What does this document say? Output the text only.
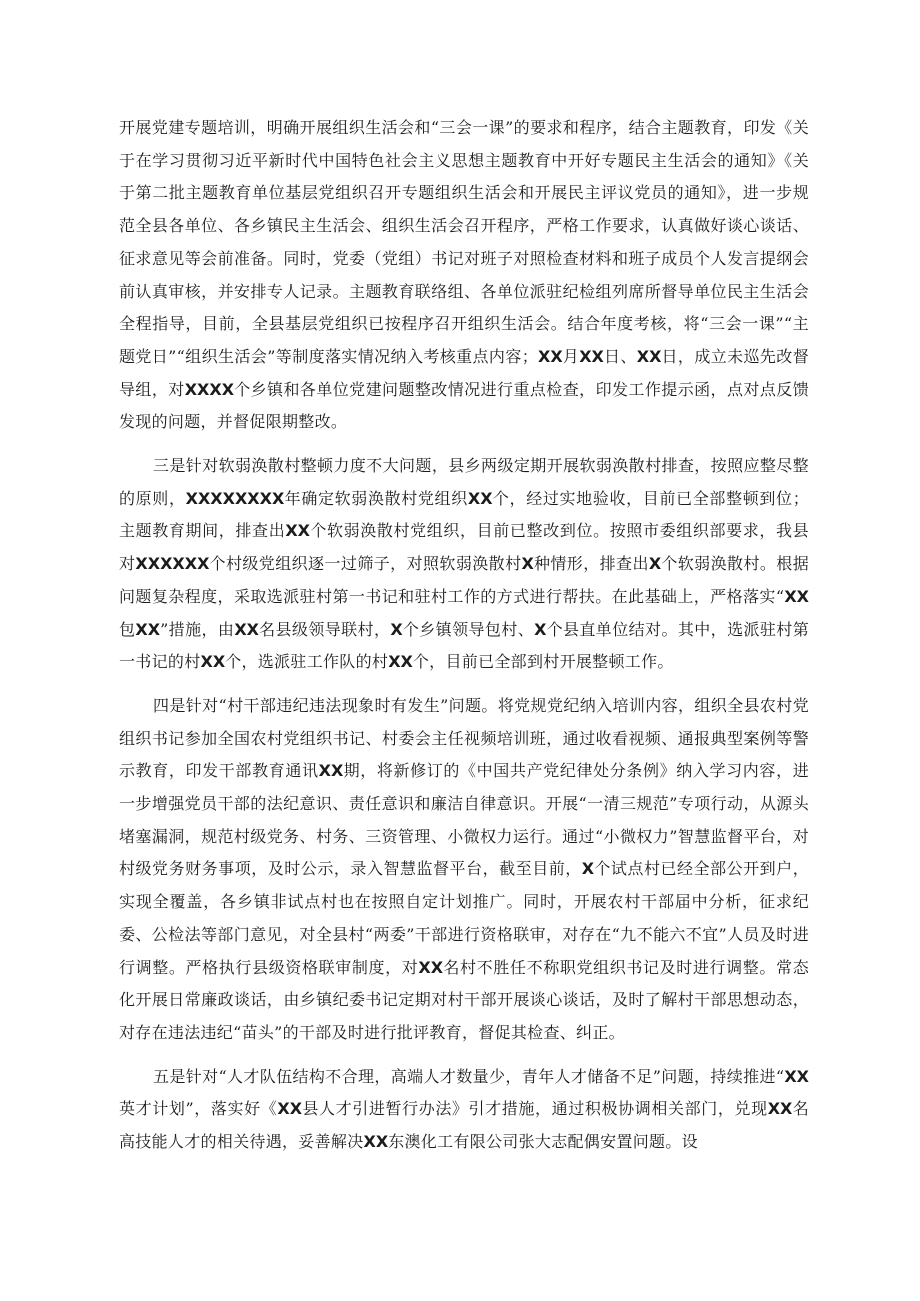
开展党建专题培训，明确开展组织生活会和“三会一课”的要求和程序，结合主题教育，印发《关于在学习贯彻习近平新时代中国特色社会主义思想主题教育中开好专题民主生活会的通知》《关于第二批主题教育单位基层党组织召开专题组织生活会和开展民主评议党员的通知》，进一步规范全县各单位、各乡镇民主生活会、组织生活会召开程序，严格工作要求，认真做好谈心谈话、征求意见等会前准备。同时，党委（党组）书记对班子对照检查材料和班子成员个人发言提纲会前认真审核，并安排专人记录。主题教育联络组、各单位派驻纪检组列席所督导单位民主生活会全程指导，目前，全县基层党组织已按程序召开组织生活会。结合年度考核，将“三会一课”“主题党日”“组织生活会”等制度落实情况纳入考核重点内容；XX月XX日、XX日，成立未巡先改督导组，对XXXX个乡镇和各单位党建问题整改情况进行重点检查，印发工作提示函，点对点反馈发现的问题，并督促限期整改。

三是针对软弱涣散村整顿力度不大问题，县乡两级定期开展软弱涣散村排查，按照应整尽整的原则，XXXXXXXX年确定软弱涣散村党组织XX个，经过实地验收，目前已全部整顿到位；主题教育期间，排查出XX个软弱涣散村党组织，目前已整改到位。按照市委组织部要求，我县对XXXXXX个村级党组织逐一过筛子，对照软弱涣散村X种情形，排查出X个软弱涣散村。根据问题复杂程度，采取选派驻村第一书记和驻村工作的方式进行帮扶。在此基础上，严格落实“XX包XX”措施，由XX名县级领导联村，X个乡镇领导包村、X个县直单位结对。其中，选派驻村第一书记的村XX个，选派驻工作队的村XX个，目前已全部到村开展整顿工作。

四是针对“村干部违纪违法现象时有发生”问题。将党规党纪纳入培训内容，组织全县农村党组织书记参加全国农村党组织书记、村委会主任视频培训班，通过收看视频、通报典型案例等警示教育，印发干部教育通讯XX期，将新修订的《中国共产党纪律处分条例》纳入学习内容，进一步增强党员干部的法纪意识、责任意识和廉洁自律意识。开展“一清三规范”专项行动，从源头堵塞漏洞，规范村级党务、村务、三资管理、小微权力运行。通过“小微权力”智慧监督平台，对村级党务财务事项，及时公示，录入智慧监督平台，截至目前，X个试点村已经全部公开到户，实现全覆盖，各乡镇非试点村也在按照自定计划推广。同时，开展农村干部届中分析，征求纪委、公检法等部门意见，对全县村“两委”干部进行资格联审，对存在“九不能六不宜”人员及时进行调整。严格执行县级资格联审制度，对XX名村不胜任不称职党组织书记及时进行调整。常态化开展日常廉政谈话，由乡镇纪委书记定期对村干部开展谈心谈话，及时了解村干部思想动态，对存在违法违纪“苗头”的干部及时进行批评教育，督促其检查、纠正。

五是针对“人才队伍结构不合理，高端人才数量少，青年人才储备不足”问题，持续推进“XX英才计划”，落实好《XX县人才引进暂行办法》引才措施，通过积极协调相关部门，兑现XX名高技能人才的相关待遇，妥善解决XX东澳化工有限公司张大志配偶安置问题。设
